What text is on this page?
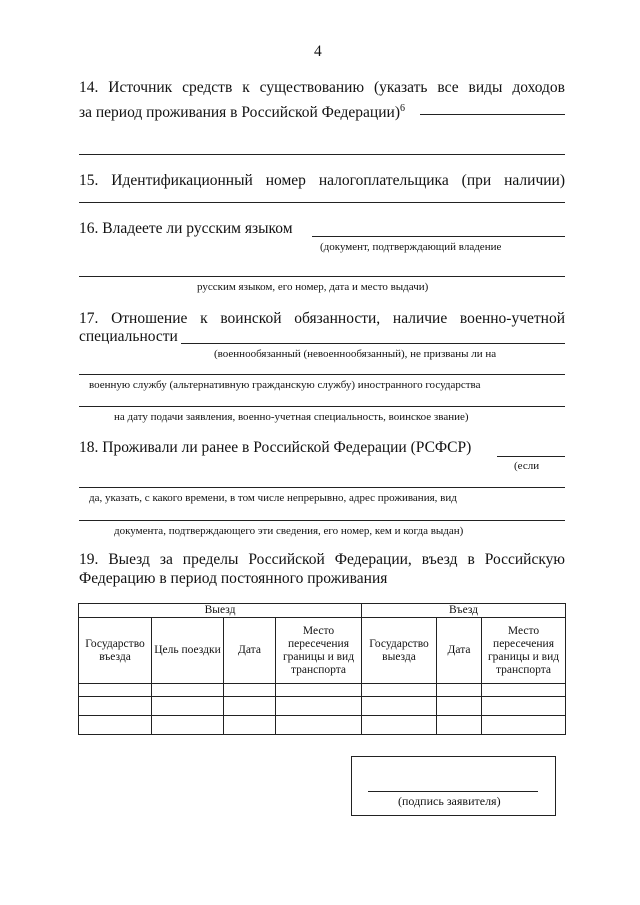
4
14. Источник средств к существованию (указать все виды доходов
за период проживания в Российской Федерации)$^6$
15. Идентификационный номер налогоплательщика (при наличии)
16. Владеете ли русским языком
(документ, подтверждающий владение
русским языком, его номер, дата и место выдачи)
17. Отношение к воинской обязанности, наличие военно-учетной
специальности
(военнообязанный (невоеннообязанный), не призваны ли на
военную службу (альтернативную гражданскую службу) иностранного государства
на дату подачи заявления, военно-учетная специальность, воинское звание)
18. Проживали ли ранее в Российской Федерации (РСФСР)
(если
да, указать, с какого времени, в том числе непрерывно, адрес проживания, вид
документа, подтверждающего эти сведения, его номер, кем и когда выдан)
19. Выезд за пределы Российской Федерации, въезд в Российскую
Федерацию в период постоянного проживания
Выезд				Въезд		
Государство въезда	Цель поездки	Дата	Место пересечения границы и вид транспорта	Государство выезда	Дата	Место пересечения границы и вид транспорта

(подпись заявителя)
